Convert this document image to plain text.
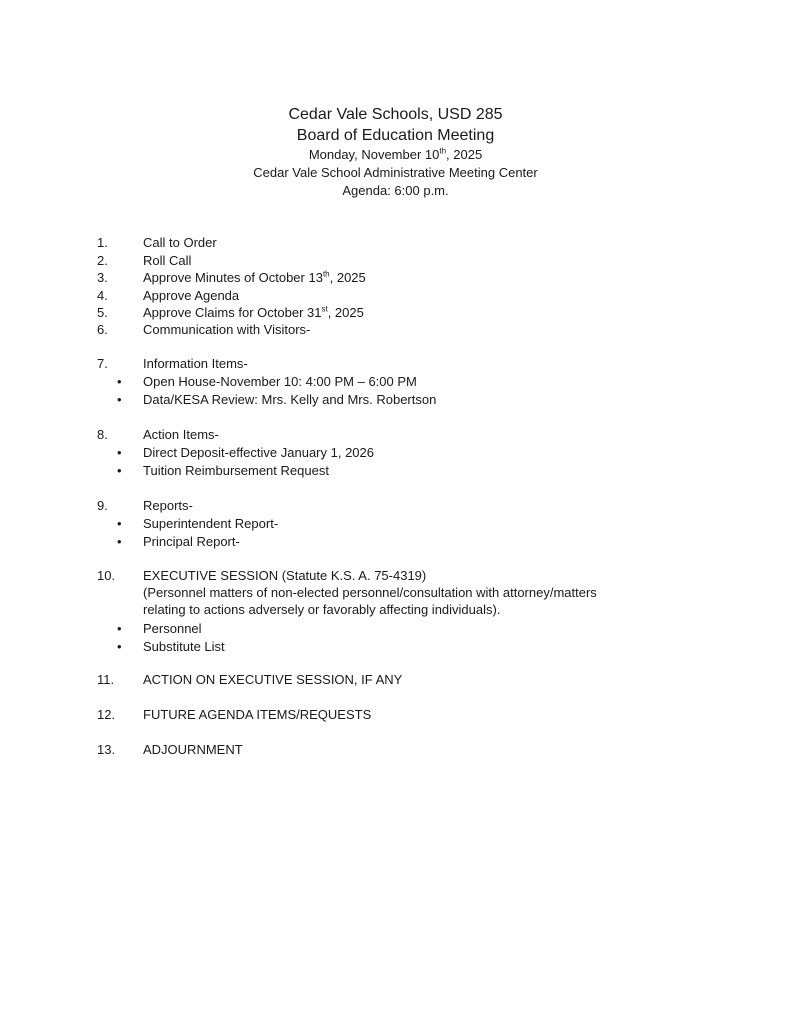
Cedar Vale Schools, USD 285
Board of Education Meeting
Monday, November 10th, 2025
Cedar Vale School Administrative Meeting Center
Agenda: 6:00 p.m.
1.	Call to Order
2.	Roll Call
3.	Approve Minutes of October 13th, 2025
4.	Approve Agenda
5.	Approve Claims for October 31st, 2025
6.	Communication with Visitors-
7.	Information Items-
• Open House-November 10: 4:00 PM – 6:00 PM
• Data/KESA Review: Mrs. Kelly and Mrs. Robertson
8.	Action Items-
• Direct Deposit-effective January 1, 2026
• Tuition Reimbursement Request
9.	Reports-
• Superintendent Report-
• Principal Report-
10. EXECUTIVE SESSION (Statute K.S. A. 75-4319)
(Personnel matters of non-elected personnel/consultation with attorney/matters
relating to actions adversely or favorably affecting individuals).
• Personnel
• Substitute List
11. ACTION ON EXECUTIVE SESSION, IF ANY
12. FUTURE AGENDA ITEMS/REQUESTS
13. ADJOURNMENT
